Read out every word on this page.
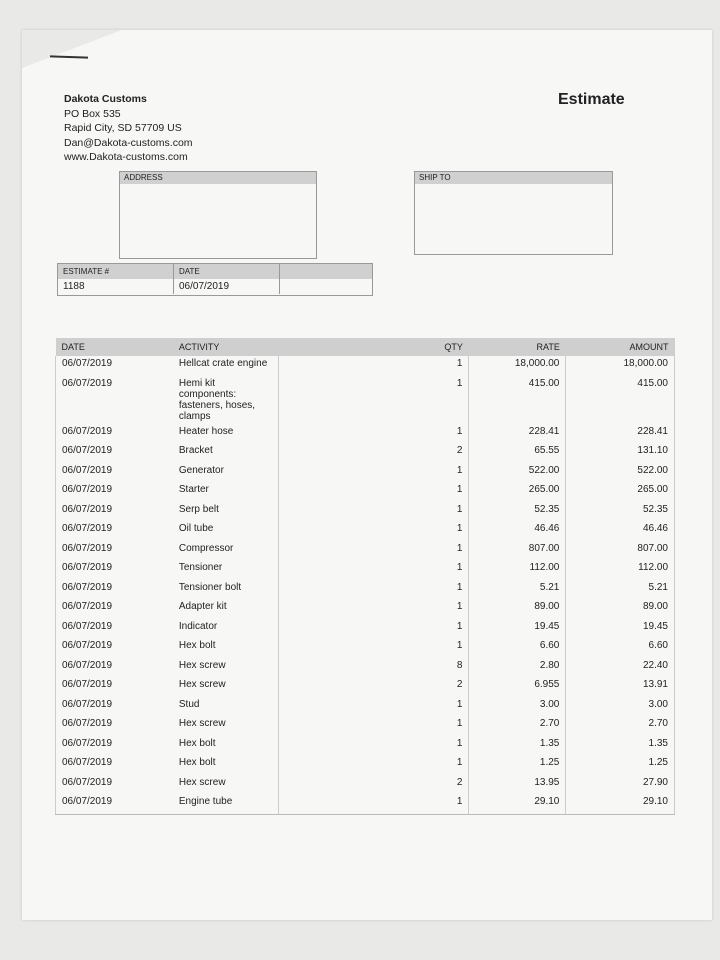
Dakota Customs
PO Box 535
Rapid City, SD 57709 US
Dan@Dakota-customs.com
www.Dakota-customs.com
Estimate
ADDRESS	SHIP TO
ESTIMATE #	DATE
1188	06/07/2019
DATE	ACTIVITY	QTY	RATE	AMOUNT
06/07/2019	Hellcat crate engine	1	18,000.00	18,000.00
06/07/2019	Hemi kit components: fasteners, hoses, clamps	1	415.00	415.00
06/07/2019	Heater hose	1	228.41	228.41
06/07/2019	Bracket	2	65.55	131.10
06/07/2019	Generator	1	522.00	522.00
06/07/2019	Starter	1	265.00	265.00
06/07/2019	Serp belt	1	52.35	52.35
06/07/2019	Oil tube	1	46.46	46.46
06/07/2019	Compressor	1	807.00	807.00
06/07/2019	Tensioner	1	112.00	112.00
06/07/2019	Tensioner bolt	1	5.21	5.21
06/07/2019	Adapter kit	1	89.00	89.00
06/07/2019	Indicator	1	19.45	19.45
06/07/2019	Hex bolt	1	6.60	6.60
06/07/2019	Hex screw	8	2.80	22.40
06/07/2019	Hex screw	2	6.955	13.91
06/07/2019	Stud	1	3.00	3.00
06/07/2019	Hex screw	1	2.70	2.70
06/07/2019	Hex bolt	1	1.35	1.35
06/07/2019	Hex bolt	1	1.25	1.25
06/07/2019	Hex screw	2	13.95	27.90
06/07/2019	Engine tube	1	29.10	29.10
